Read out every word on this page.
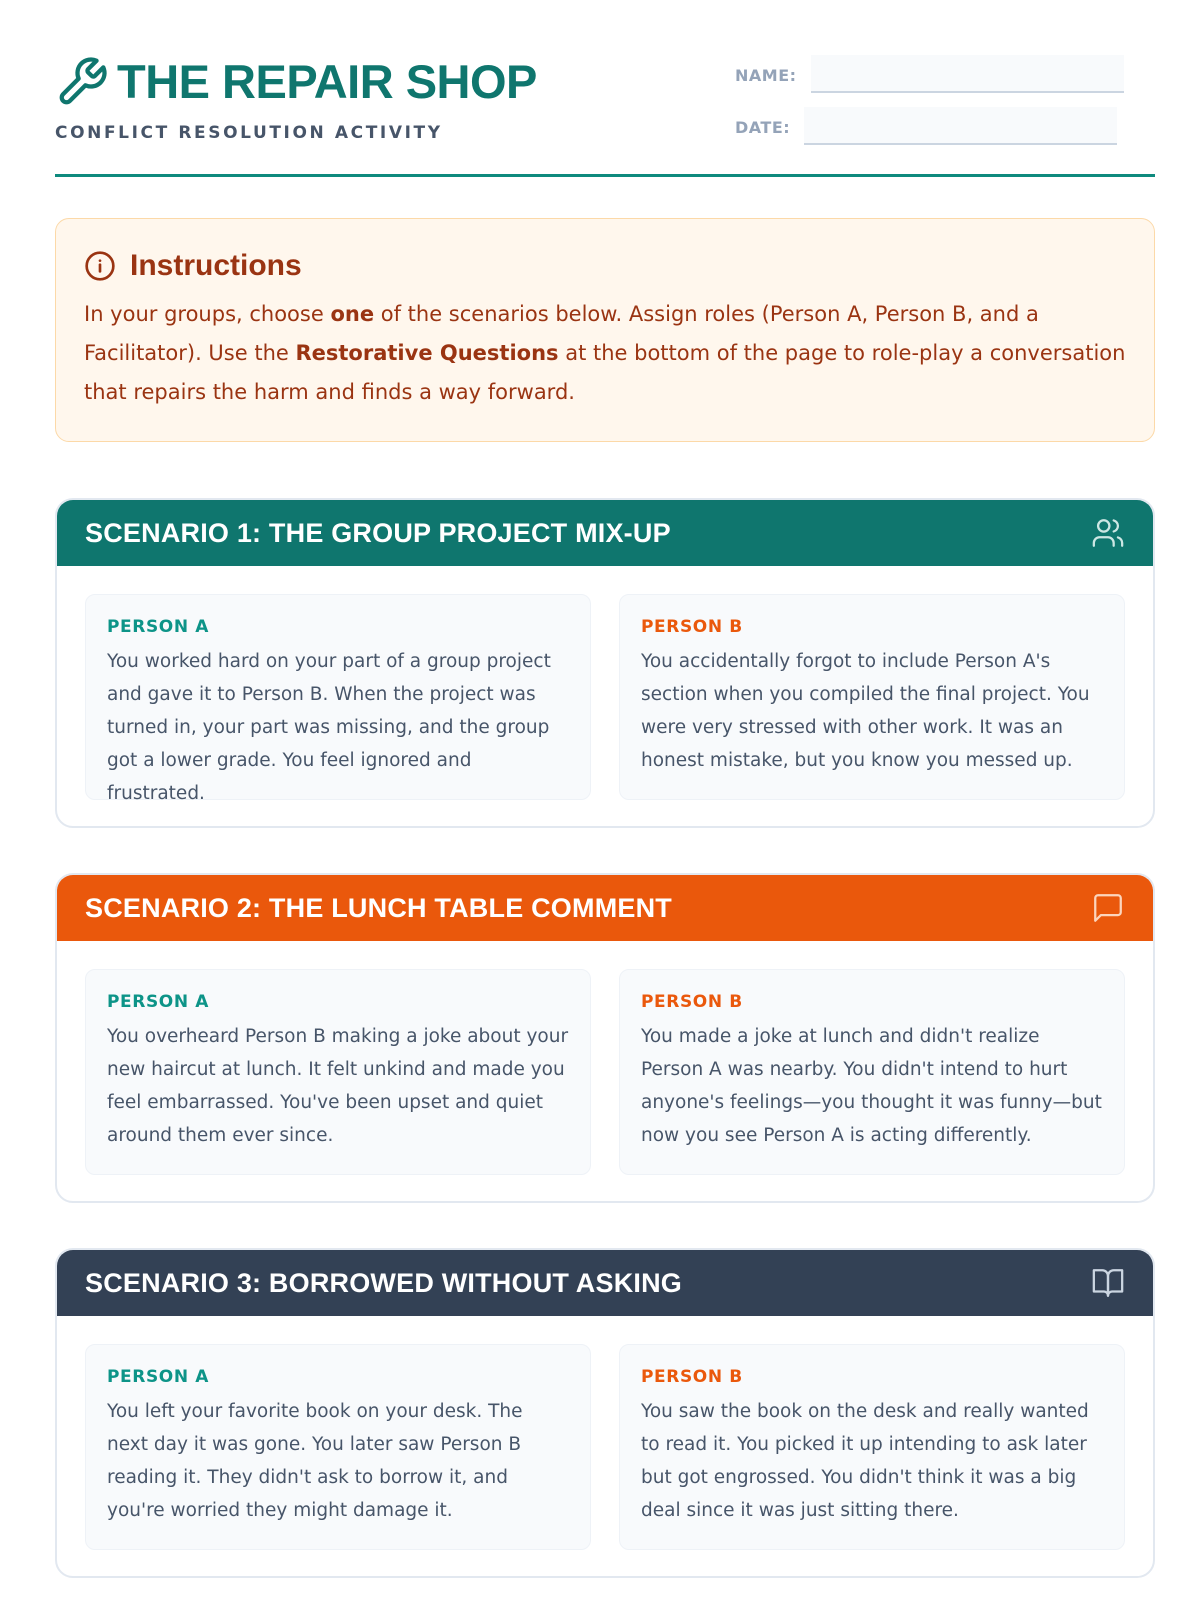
THE REPAIR SHOP
CONFLICT RESOLUTION ACTIVITY
NAME:
DATE:
Instructions

In your groups, choose one of the scenarios below. Assign roles (Person A, Person B, and a Facilitator). Use the Restorative Questions at the bottom of the page to role-play a conversation that repairs the harm and finds a way forward.

SCENARIO 1: THE GROUP PROJECT MIX-UP
PERSON A

You worked hard on your part of a group project and gave it to Person B. When the project was turned in, your part was missing, and the group got a lower grade. You feel ignored and frustrated.

PERSON B

You accidentally forgot to include Person A's section when you compiled the final project. You were very stressed with other work. It was an honest mistake, but you know you messed up.

SCENARIO 2: THE LUNCH TABLE COMMENT
PERSON A

You overheard Person B making a joke about your new haircut at lunch. It felt unkind and made you feel embarrassed. You've been upset and quiet around them ever since.

PERSON B

You made a joke at lunch and didn't realize Person A was nearby. You didn't intend to hurt anyone's feelings—you thought it was funny—but now you see Person A is acting differently.

SCENARIO 3: BORROWED WITHOUT ASKING
PERSON A

You left your favorite book on your desk. The next day it was gone. You later saw Person B reading it. They didn't ask to borrow it, and you're worried they might damage it.

PERSON B

You saw the book on the desk and really wanted to read it. You picked it up intending to ask later but got engrossed. You didn't think it was a big deal since it was just sitting there.
